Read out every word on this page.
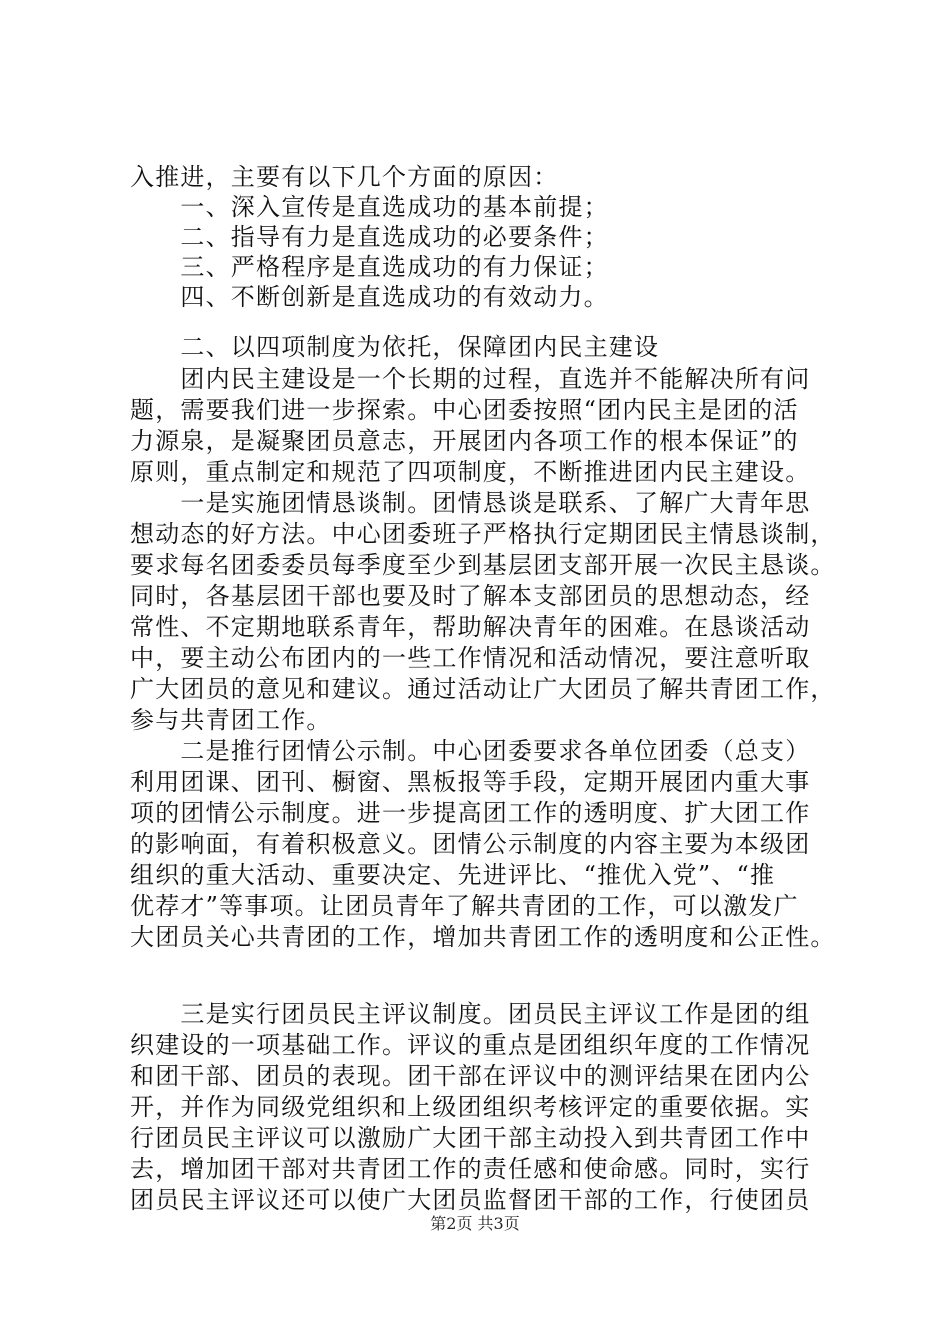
入推进，主要有以下几个方面的原因：
　　一、深入宣传是直选成功的基本前提；
　　二、指导有力是直选成功的必要条件；
　　三、严格程序是直选成功的有力保证；
　　四、不断创新是直选成功的有效动力。
　　二、以四项制度为依托，保障团内民主建设
　　团内民主建设是一个长期的过程，直选并不能解决所有问
题，需要我们进一步探索。中心团委按照“团内民主是团的活
力源泉，是凝聚团员意志，开展团内各项工作的根本保证”的
原则，重点制定和规范了四项制度，不断推进团内民主建设。
　　一是实施团情恳谈制。团情恳谈是联系、了解广大青年思
想动态的好方法。中心团委班子严格执行定期团民主情恳谈制，
要求每名团委委员每季度至少到基层团支部开展一次民主恳谈。
同时，各基层团干部也要及时了解本支部团员的思想动态，经
常性、不定期地联系青年，帮助解决青年的困难。在恳谈活动
中，要主动公布团内的一些工作情况和活动情况，要注意听取
广大团员的意见和建议。通过活动让广大团员了解共青团工作，
参与共青团工作。
　　二是推行团情公示制。中心团委要求各单位团委（总支）
利用团课、团刊、橱窗、黑板报等手段，定期开展团内重大事
项的团情公示制度。进一步提高团工作的透明度、扩大团工作
的影响面，有着积极意义。团情公示制度的内容主要为本级团
组织的重大活动、重要决定、先进评比、“推优入党”、“推
优荐才”等事项。让团员青年了解共青团的工作，可以激发广
大团员关心共青团的工作，增加共青团工作的透明度和公正性。
　　三是实行团员民主评议制度。团员民主评议工作是团的组
织建设的一项基础工作。评议的重点是团组织年度的工作情况
和团干部、团员的表现。团干部在评议中的测评结果在团内公
开，并作为同级党组织和上级团组织考核评定的重要依据。实
行团员民主评议可以激励广大团干部主动投入到共青团工作中
去，增加团干部对共青团工作的责任感和使命感。同时，实行
团员民主评议还可以使广大团员监督团干部的工作，行使团员
第2页 共3页
